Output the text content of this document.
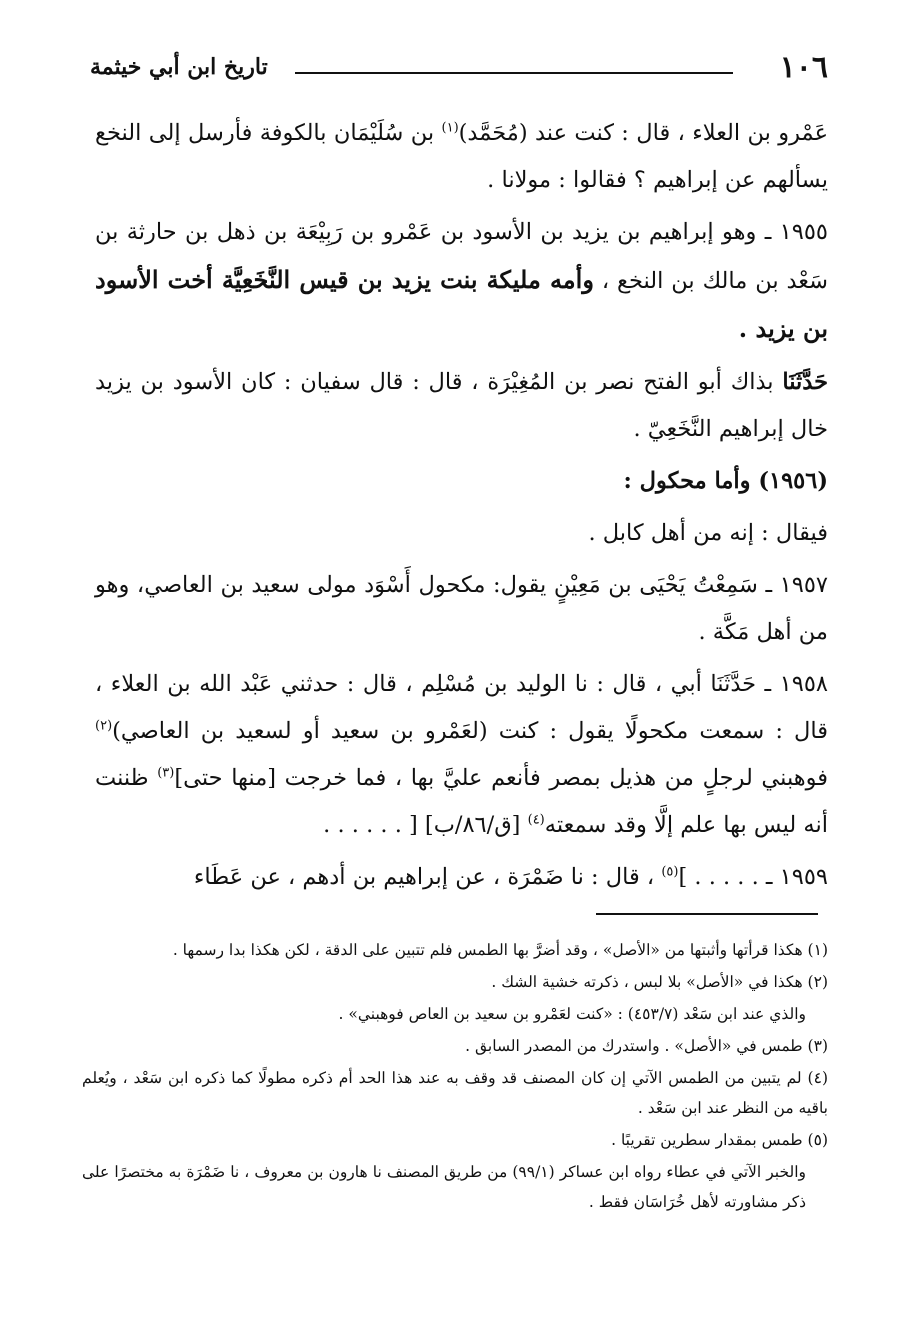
١٠٦
تاريخ ابن أبي خيثمة

عَمْرو بن العلاء ، قال : كنت عند (مُحَمَّد)$^{(١)}$ بن سُلَيْمَان بالكوفة فأرسل إلى النخع يسألهم عن إبراهيم ؟ فقالوا : مولانا .

١٩٥٥ ـ وهو إبراهيم بن يزيد بن الأسود بن عَمْرو بن رَبِيْعَة بن ذهل بن حارثة بن سَعْد بن مالك بن النخع ، وأمه مليكة بنت يزيد بن قيس النَّخَعِيَّة أخت الأسود بن يزيد .

حَدَّثَنَا بذاك أبو الفتح نصر بن المُغِيْرَة ، قال : قال سفيان : كان الأسود بن يزيد خال إبراهيم النَّخَعِيّ .

(١٩٥٦) وأما محكول :

فيقال : إنه من أهل كابل .

١٩٥٧ ـ سَمِعْتُ يَحْيَى بن مَعِيْنٍ يقول: مكحول أَسْوَد مولى سعيد بن العاصي، وهو من أهل مَكَّة .

١٩٥٨ ـ حَدَّثَنَا أبي ، قال : نا الوليد بن مُسْلِم ، قال : حدثني عَبْد الله بن العلاء ، قال : سمعت مكحولًا يقول : كنت (لعَمْرو بن سعيد أو لسعيد بن العاصي)$^{(٢)}$ فوهبني لرجلٍ من هذيل بمصر فأنعم عليَّ بها ، فما خرجت [منها حتى]$^{(٣)}$ ظننت أنه ليس بها علم إلَّا وقد سمعته$^{(٤)}$ [ق/٨٦/ب] [ . . . . . .

١٩٥٩ ـ . . . . . ]$^{(٥)}$ ، قال : نا ضَمْرَة ، عن إبراهيم بن أدهم ، عن عَطَاء

(١) هكذا قرأتها وأثبتها من «الأصل» ، وقد أضرَّ بها الطمس فلم تتبين على الدقة ، لكن هكذا بدا رسمها .

(٢) هكذا في «الأصل» بلا لبس ، ذكرته خشية الشك .

والذي عند ابن سَعْد (٤٥٣/٧) : «كنت لعَمْرو بن سعيد بن العاص فوهبني» .

(٣) طمس في «الأصل» . واستدرك من المصدر السابق .

(٤) لم يتبين من الطمس الآتي إن كان المصنف قد وقف به عند هذا الحد أم ذكره مطولًا كما ذكره ابن سَعْد ، ويُعلم باقيه من النظر عند ابن سَعْد .

(٥) طمس بمقدار سطرين تقريبًا .

والخبر الآتي في عطاء رواه ابن عساكر (٩٩/١) من طريق المصنف نا هارون بن معروف ، نا ضَمْرَة به مختصرًا على ذكر مشاورته لأهل خُرَاسَان فقط .
